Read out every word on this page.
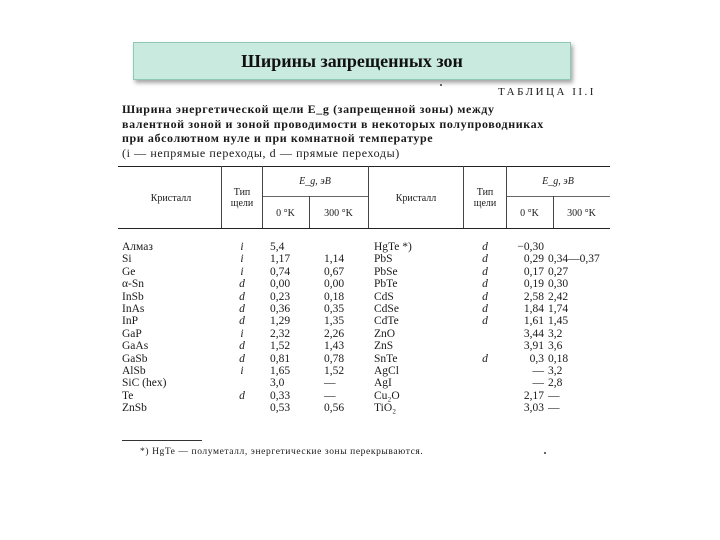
Ширины запрещенных зон
ТАБЛИЦА II.I
Ширина энергетической щели E_g (запрещенной зоны) между
валентной зоной и зоной проводимости в некоторых полупроводниках
при абсолютном нуле и при комнатной температуре
(i — непрямые переходы, d — прямые переходы)
Кристалл
Тип щели
E_g, эВ
0 °K	300 °K
Кристалл
Тип щели
E_g, эВ
0 °K	300 °K
Алмаз
Si
Ge
α-Sn
InSb
InAs
InP
GaP
GaAs
GaSb
AlSb
SiC (hex)
Te
ZnSb
i
i
i
d
d
d
d
i
d
d
i
d
5,4
1,17
0,74
0,00
0,23
0,36
1,29
2,32
1,52
0,81
1,65
3,0
0,33
0,53
1,14
0,67
0,00
0,18
0,35
1,35
2,26
1,43
0,78
1,52
—
—
0,56
HgTe *)
PbS
PbSe
PbTe
CdS
CdSe
CdTe
ZnO
ZnS
SnTe
AgCl
AgI
Cu₂O
TiO₂
d
d
d
d
d
d
d
d
−0,30
0,29
0,17
0,19
2,58
1,84
1,61
3,44
3,91
0,3
—
—
2,17
3,03
0,34—0,37
0,27
0,30
2,42
1,74
1,45
3,2
3,6
0,18
3,2
2,8
—
—
*) HgTe — полуметалл, энергетические зоны перекрываются.
